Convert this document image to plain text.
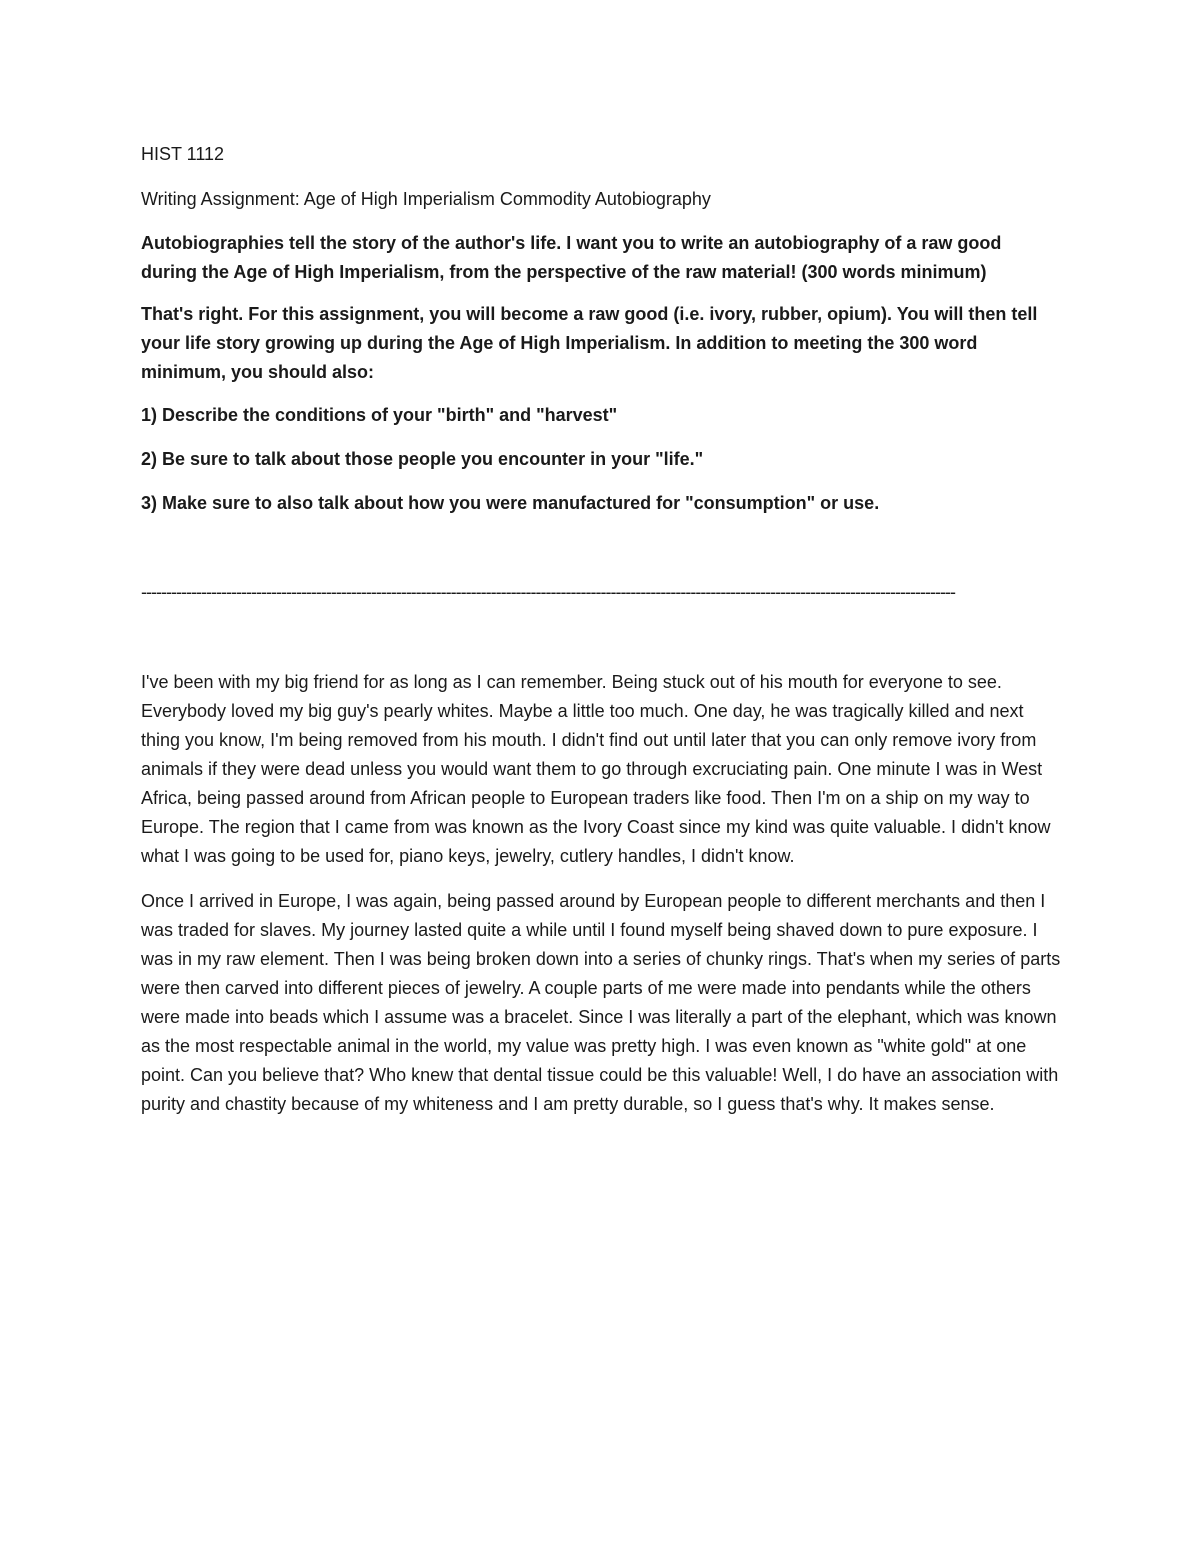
HIST 1112

Writing Assignment: Age of High Imperialism Commodity Autobiography

Autobiographies tell the story of the author's life. I want you to write an autobiography of a raw good during the Age of High Imperialism, from the perspective of the raw material! (300 words minimum)

That's right. For this assignment, you will become a raw good (i.e. ivory, rubber, opium). You will then tell your life story growing up during the Age of High Imperialism. In addition to meeting the 300 word minimum, you should also:

1) Describe the conditions of your "birth" and "harvest"

2) Be sure to talk about those people you encounter in your "life."

3) Make sure to also talk about how you were manufactured for "consumption" or use.

-------------------------------------------------------------------------------------------------------------------------------------------------------------------

I've been with my big friend for as long as I can remember. Being stuck out of his mouth for everyone to see. Everybody loved my big guy's pearly whites. Maybe a little too much. One day, he was tragically killed and next thing you know, I'm being removed from his mouth. I didn't find out until later that you can only remove ivory from animals if they were dead unless you would want them to go through excruciating pain. One minute I was in West Africa, being passed around from African people to European traders like food. Then I'm on a ship on my way to Europe. The region that I came from was known as the Ivory Coast since my kind was quite valuable. I didn't know what I was going to be used for, piano keys, jewelry, cutlery handles, I didn't know.

Once I arrived in Europe, I was again, being passed around by European people to different merchants and then I was traded for slaves. My journey lasted quite a while until I found myself being shaved down to pure exposure. I was in my raw element. Then I was being broken down into a series of chunky rings. That's when my series of parts were then carved into different pieces of jewelry. A couple parts of me were made into pendants while the others were made into beads which I assume was a bracelet. Since I was literally a part of the elephant, which was known as the most respectable animal in the world, my value was pretty high. I was even known as "white gold" at one point. Can you believe that? Who knew that dental tissue could be this valuable! Well, I do have an association with purity and chastity because of my whiteness and I am pretty durable, so I guess that's why. It makes sense.
